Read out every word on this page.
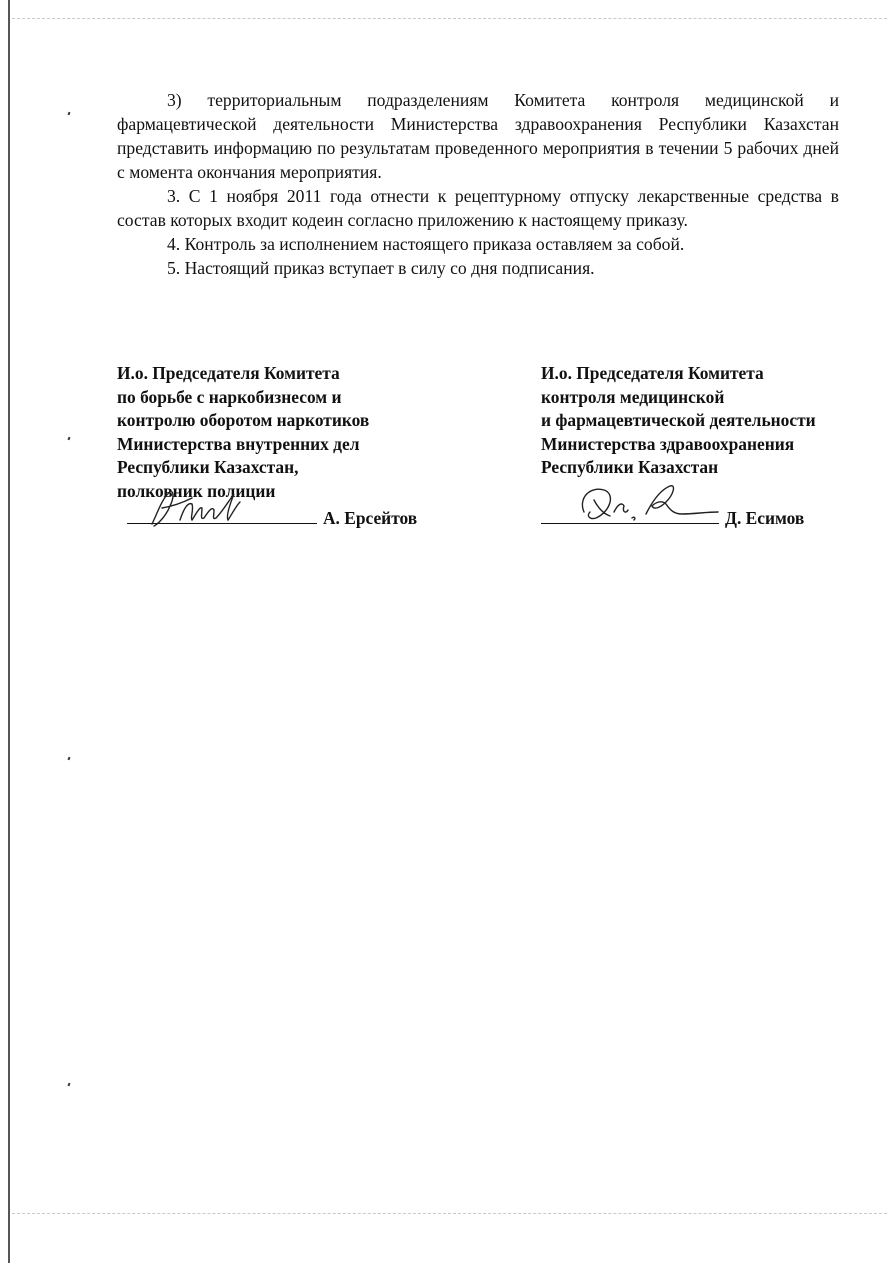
3) территориальным подразделениям Комитета контроля медицинской и фармацевтической деятельности Министерства здравоохранения Республики Казахстан представить информацию по результатам проведенного мероприятия в течении 5 рабочих дней с момента окончания мероприятия.

3. С 1 ноября 2011 года отнести к рецептурному отпуску лекарственные средства в состав которых входит кодеин согласно приложению к настоящему приказу.

4. Контроль за исполнением настоящего приказа оставляем за собой.

5. Настоящий приказ вступает в силу со дня подписания.

И.о. Председателя Комитета
по борьбе с наркобизнесом и
контролю оборотом наркотиков
Министерства внутренних дел
Республики Казахстан,
полковник полиции
И.о. Председателя Комитета
контроля медицинской
и фармацевтической деятельности
Министерства здравоохранения
Республики Казахстан
А. Ерсейтов	Д. Есимов
